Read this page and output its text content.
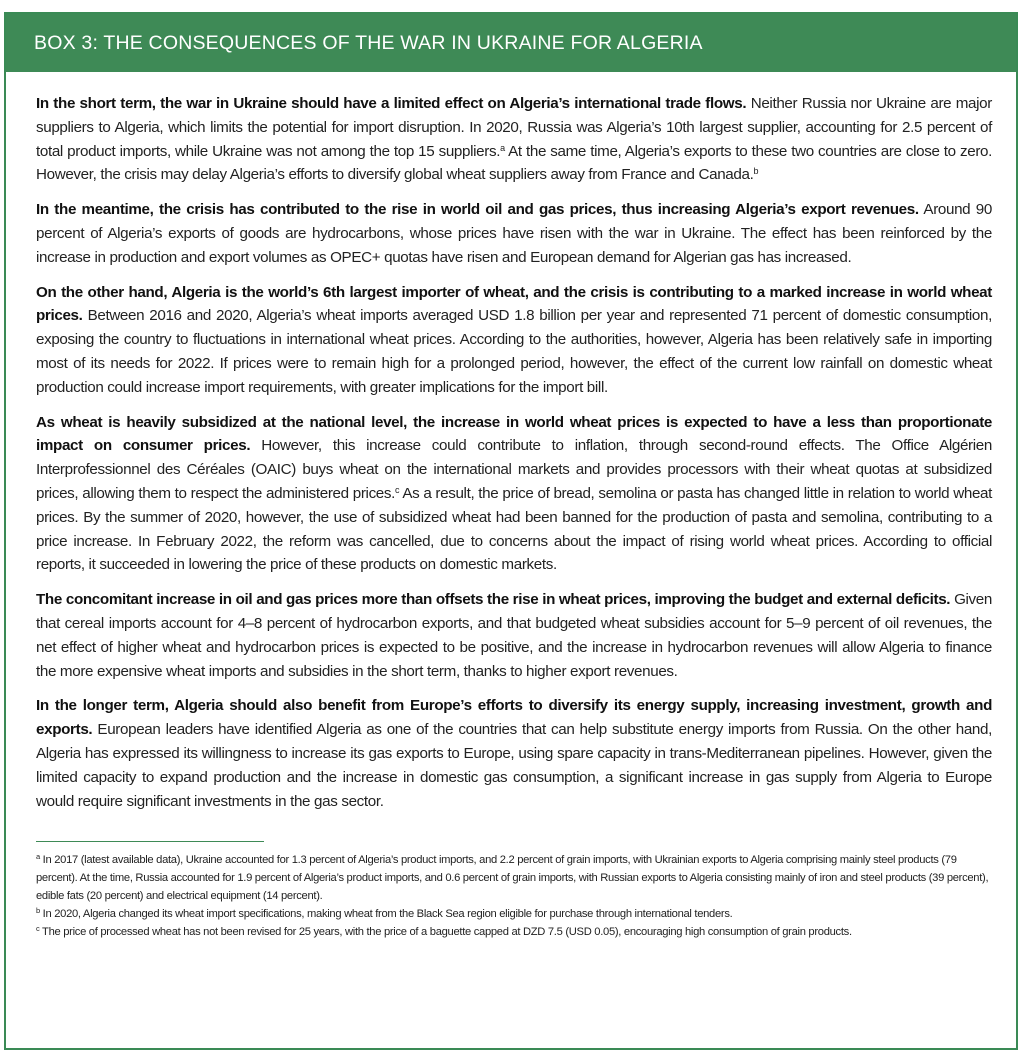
BOX 3: THE CONSEQUENCES OF THE WAR IN UKRAINE FOR ALGERIA

In the short term, the war in Ukraine should have a limited effect on Algeria’s international trade flows. Neither Russia nor Ukraine are major suppliers to Algeria, which limits the potential for import disruption. In 2020, Russia was Algeria’s 10th largest supplier, accounting for 2.5 percent of total product imports, while Ukraine was not among the top 15 suppliers.$^a$ At the same time, Algeria’s exports to these two countries are close to zero. However, the crisis may delay Algeria’s efforts to diversify global wheat suppliers away from France and Canada.$^b$

In the meantime, the crisis has contributed to the rise in world oil and gas prices, thus increasing Algeria’s export revenues. Around 90 percent of Algeria’s exports of goods are hydrocarbons, whose prices have risen with the war in Ukraine. The effect has been reinforced by the increase in production and export volumes as OPEC+ quotas have risen and European demand for Algerian gas has increased.

On the other hand, Algeria is the world’s 6th largest importer of wheat, and the crisis is contributing to a marked increase in world wheat prices. Between 2016 and 2020, Algeria’s wheat imports averaged USD 1.8 billion per year and represented 71 percent of domestic consumption, exposing the country to fluctuations in international wheat prices. According to the authorities, however, Algeria has been relatively safe in importing most of its needs for 2022. If prices were to remain high for a prolonged period, however, the effect of the current low rainfall on domestic wheat production could increase import requirements, with greater implications for the import bill.

As wheat is heavily subsidized at the national level, the increase in world wheat prices is expected to have a less than proportionate impact on consumer prices. However, this increase could contribute to inflation, through second-round effects. The Office Algérien Interprofessionnel des Céréales (OAIC) buys wheat on the international markets and provides processors with their wheat quotas at subsidized prices, allowing them to respect the administered prices.$^c$ As a result, the price of bread, semolina or pasta has changed little in relation to world wheat prices. By the summer of 2020, however, the use of subsidized wheat had been banned for the production of pasta and semolina, contributing to a price increase. In February 2022, the reform was cancelled, due to concerns about the impact of rising world wheat prices. According to official reports, it succeeded in lowering the price of these products on domestic markets.

The concomitant increase in oil and gas prices more than offsets the rise in wheat prices, improving the budget and external deficits. Given that cereal imports account for 4–8 percent of hydrocarbon exports, and that budgeted wheat subsidies account for 5–9 percent of oil revenues, the net effect of higher wheat and hydrocarbon prices is expected to be positive, and the increase in hydrocarbon revenues will allow Algeria to finance the more expensive wheat imports and subsidies in the short term, thanks to higher export revenues.

In the longer term, Algeria should also benefit from Europe’s efforts to diversify its energy supply, increasing investment, growth and exports. European leaders have identified Algeria as one of the countries that can help substitute energy imports from Russia. On the other hand, Algeria has expressed its willingness to increase its gas exports to Europe, using spare capacity in trans-Mediterranean pipelines. However, given the limited capacity to expand production and the increase in domestic gas consumption, a significant increase in gas supply from Algeria to Europe would require significant investments in the gas sector.

$^a$ In 2017 (latest available data), Ukraine accounted for 1.3 percent of Algeria’s product imports, and 2.2 percent of grain imports, with Ukrainian exports to Algeria comprising mainly steel products (79 percent). At the time, Russia accounted for 1.9 percent of Algeria’s product imports, and 0.6 percent of grain imports, with Russian exports to Algeria consisting mainly of iron and steel products (39 percent), edible fats (20 percent) and electrical equipment (14 percent).

$^b$ In 2020, Algeria changed its wheat import specifications, making wheat from the Black Sea region eligible for purchase through international tenders.

$^c$ The price of processed wheat has not been revised for 25 years, with the price of a baguette capped at DZD 7.5 (USD 0.05), encouraging high consumption of grain products.
